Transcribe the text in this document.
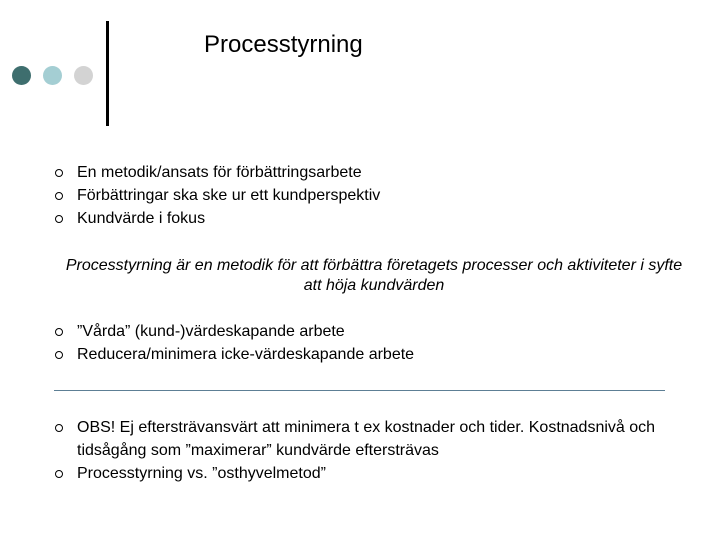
Processtyrning
En metodik/ansats för förbättringsarbete
Förbättringar ska ske ur ett kundperspektiv
Kundvärde i fokus
Processtyrning är en metodik för att förbättra företagets processer och aktiviteter i syfte att höja kundvärden
”Vårda” (kund-)värdeskapande arbete
Reducera/minimera icke-värdeskapande arbete
OBS! Ej eftersträvansvärt att minimera t ex kostnader och tider. Kostnadsnivå och tidsågång som ”maximerar” kundvärde eftersträvas
Processtyrning vs. ”osthyvelmetod”
